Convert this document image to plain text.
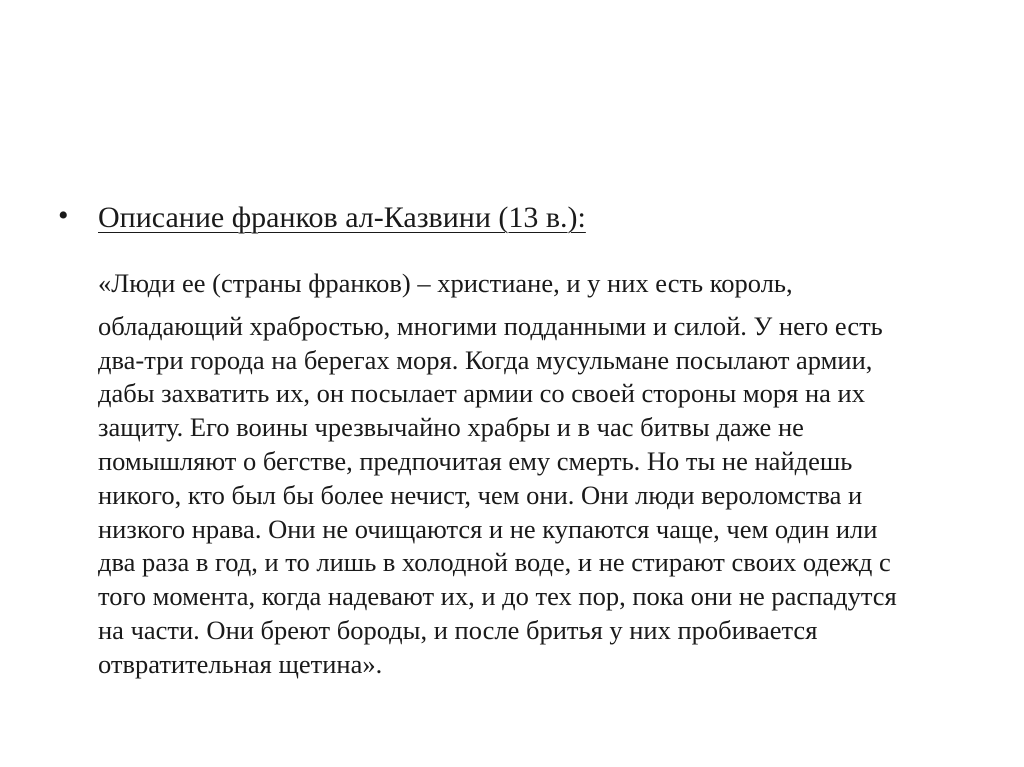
• Описание франков ал-Казвини (13 в.):
«Люди ее (страны франков) – христиане, и у них есть король,
обладающий храбростью, многими подданными и силой. У него есть
два-три города на берегах моря. Когда мусульмане посылают армии,
дабы захватить их, он посылает армии со своей стороны моря на их
защиту. Его воины чрезвычайно храбры и в час битвы даже не
помышляют о бегстве, предпочитая ему смерть. Но ты не найдешь
никого, кто был бы более нечист, чем они. Они люди вероломства и
низкого нрава. Они не очищаются и не купаются чаще, чем один или
два раза в год, и то лишь в холодной воде, и не стирают своих одежд с
того момента, когда надевают их, и до тех пор, пока они не распадутся
на части. Они бреют бороды, и после бритья у них пробивается
отвратительная щетина».
